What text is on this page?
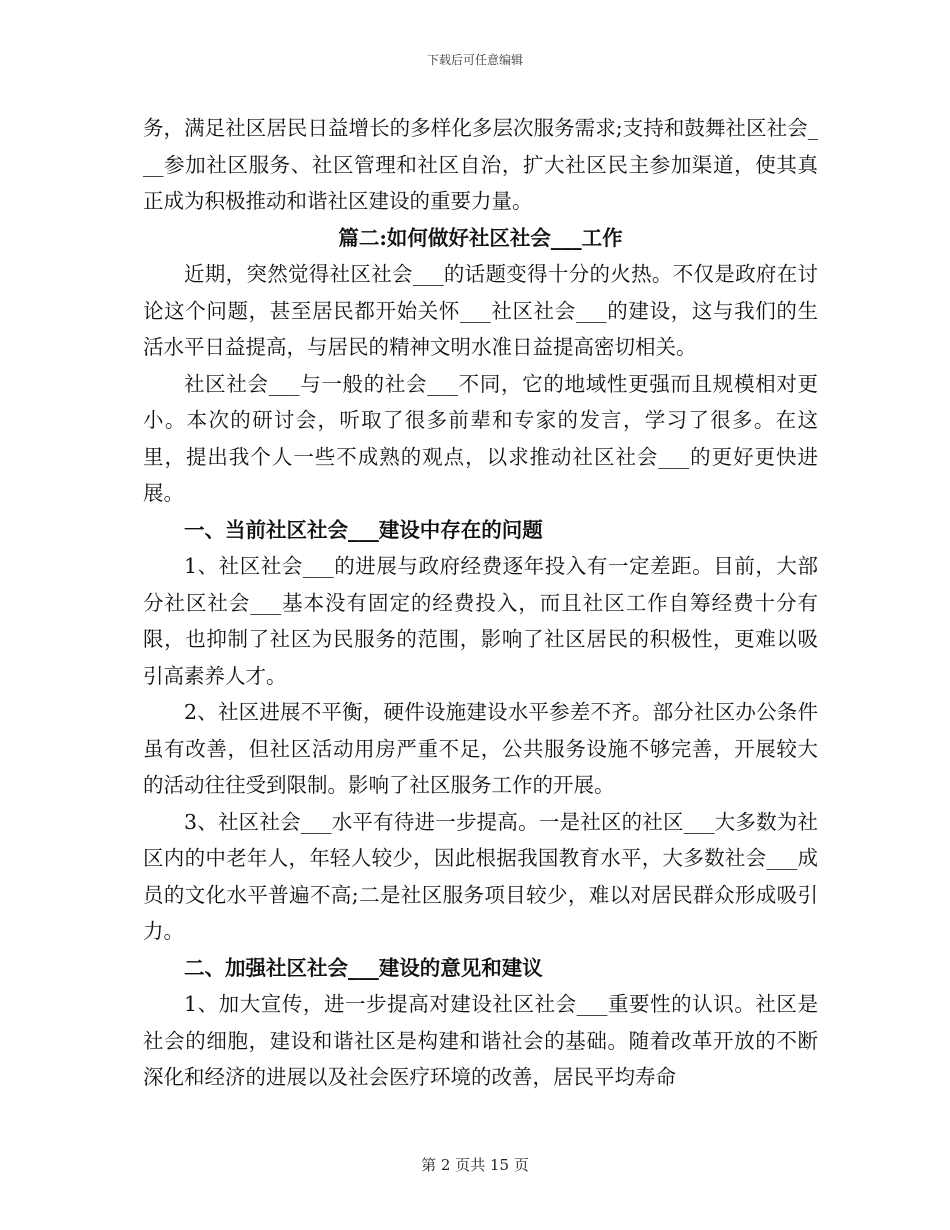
下载后可任意编辑

务，满足社区居民日益增长的多样化多层次服务需求;支持和鼓舞社区社会___参加社区服务、社区管理和社区自治，扩大社区民主参加渠道，使其真正成为积极推动和谐社区建设的重要力量。

篇二:如何做好社区社会___工作

近期，突然觉得社区社会___的话题变得十分的火热。不仅是政府在讨论这个问题，甚至居民都开始关怀___社区社会___的建设，这与我们的生活水平日益提高，与居民的精神文明水准日益提高密切相关。

社区社会___与一般的社会___不同，它的地域性更强而且规模相对更小。本次的研讨会，听取了很多前辈和专家的发言，学习了很多。在这里，提出我个人一些不成熟的观点，以求推动社区社会___的更好更快进展。

一、当前社区社会___建设中存在的问题

1、社区社会___的进展与政府经费逐年投入有一定差距。目前，大部分社区社会___基本没有固定的经费投入，而且社区工作自筹经费十分有限，也抑制了社区为民服务的范围，影响了社区居民的积极性，更难以吸引高素养人才。

2、社区进展不平衡，硬件设施建设水平参差不齐。部分社区办公条件虽有改善，但社区活动用房严重不足，公共服务设施不够完善，开展较大的活动往往受到限制。影响了社区服务工作的开展。

3、社区社会___水平有待进一步提高。一是社区的社区___大多数为社区内的中老年人，年轻人较少，因此根据我国教育水平，大多数社会___成员的文化水平普遍不高;二是社区服务项目较少，难以对居民群众形成吸引力。

二、加强社区社会___建设的意见和建议

1、加大宣传，进一步提高对建设社区社会___重要性的认识。社区是社会的细胞，建设和谐社区是构建和谐社会的基础。随着改革开放的不断深化和经济的进展以及社会医疗环境的改善，居民平均寿命

第 2 页共 15 页
